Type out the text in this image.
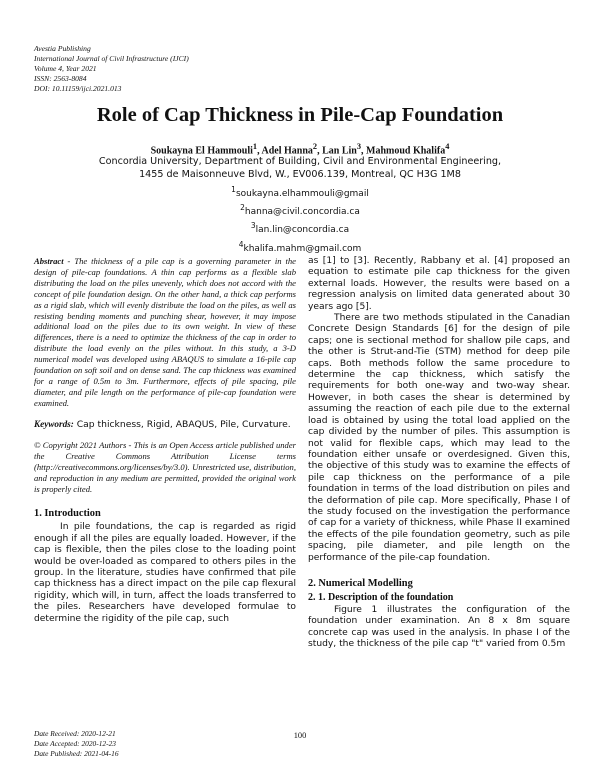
Avestia Publishing
International Journal of Civil Infrastructure (IJCI)
Volume 4, Year 2021
ISSN: 2563-8084
DOI: 10.11159/ijci.2021.013
Role of Cap Thickness in Pile-Cap Foundation
Soukayna El Hammouli$^1$, Adel Hanna$^2$, Lan Lin$^3$, Mahmoud Khalifa$^4$
Concordia University, Department of Building, Civil and Environmental Engineering,
1455 de Maisonneuve Blvd, W., EV006.139, Montreal, QC H3G 1M8
$^1$soukayna.elhammouli@gmail
$^2$hanna@civil.concordia.ca
$^3$lan.lin@concordia.ca
$^4$khalifa.mahm@gmail.com

Abstract - The thickness of a pile cap is a governing parameter in the design of pile-cap foundations. A thin cap performs as a flexible slab distributing the load on the piles unevenly, which does not accord with the concept of pile foundation design. On the other hand, a thick cap performs as a rigid slab, which will evenly distribute the load on the piles, as well as resisting bending moments and punching shear, however, it may impose additional load on the piles due to its own weight. In view of these differences, there is a need to optimize the thickness of the cap in order to distribute the load evenly on the piles without. In this study, a 3-D numerical model was developed using ABAQUS to simulate a 16-pile cap foundation on soft soil and on dense sand. The cap thickness was examined for a range of 0.5m to 3m. Furthermore, effects of pile spacing, pile diameter, and pile length on the performance of pile-cap foundation were examined.

Keywords: Cap thickness, Rigid, ABAQUS, Pile, Curvature.

© Copyright 2021 Authors - This is an Open Access article published under the Creative Commons Attribution License terms (http://creativecommons.org/licenses/by/3.0). Unrestricted use, distribution, and reproduction in any medium are permitted, provided the original work is properly cited.

1. Introduction

In pile foundations, the cap is regarded as rigid enough if all the piles are equally loaded. However, if the cap is flexible, then the piles close to the loading point would be over-loaded as compared to others piles in the group. In the literature, studies have confirmed that pile cap thickness has a direct impact on the pile cap flexural rigidity, which will, in turn, affect the loads transferred to the piles. Researchers have developed formulae to determine the rigidity of the pile cap, such

as [1] to [3]. Recently, Rabbany et al. [4] proposed an equation to estimate pile cap thickness for the given external loads. However, the results were based on a regression analysis on limited data generated about 30 years ago [5].

There are two methods stipulated in the Canadian Concrete Design Standards [6] for the design of pile caps; one is sectional method for shallow pile caps, and the other is Strut-and-Tie (STM) method for deep pile caps. Both methods follow the same procedure to determine the cap thickness, which satisfy the requirements for both one-way and two-way shear. However, in both cases the shear is determined by assuming the reaction of each pile due to the external load is obtained by using the total load applied on the cap divided by the number of piles. This assumption is not valid for flexible caps, which may lead to the foundation either unsafe or overdesigned. Given this, the objective of this study was to examine the effects of pile cap thickness on the performance of a pile foundation in terms of the load distribution on piles and the deformation of pile cap. More specifically, Phase I of the study focused on the investigation the performance of cap for a variety of thickness, while Phase II examined the effects of the pile foundation geometry, such as pile spacing, pile diameter, and pile length on the performance of the pile-cap foundation.

2. Numerical Modelling
2. 1. Description of the foundation

Figure 1 illustrates the configuration of the foundation under examination. An 8 x 8m square concrete cap was used in the analysis. In phase I of the study, the thickness of the pile cap "t" varied from 0.5m

Date Received: 2020-12-21
Date Accepted: 2020-12-23
Date Published: 2021-04-16
100
